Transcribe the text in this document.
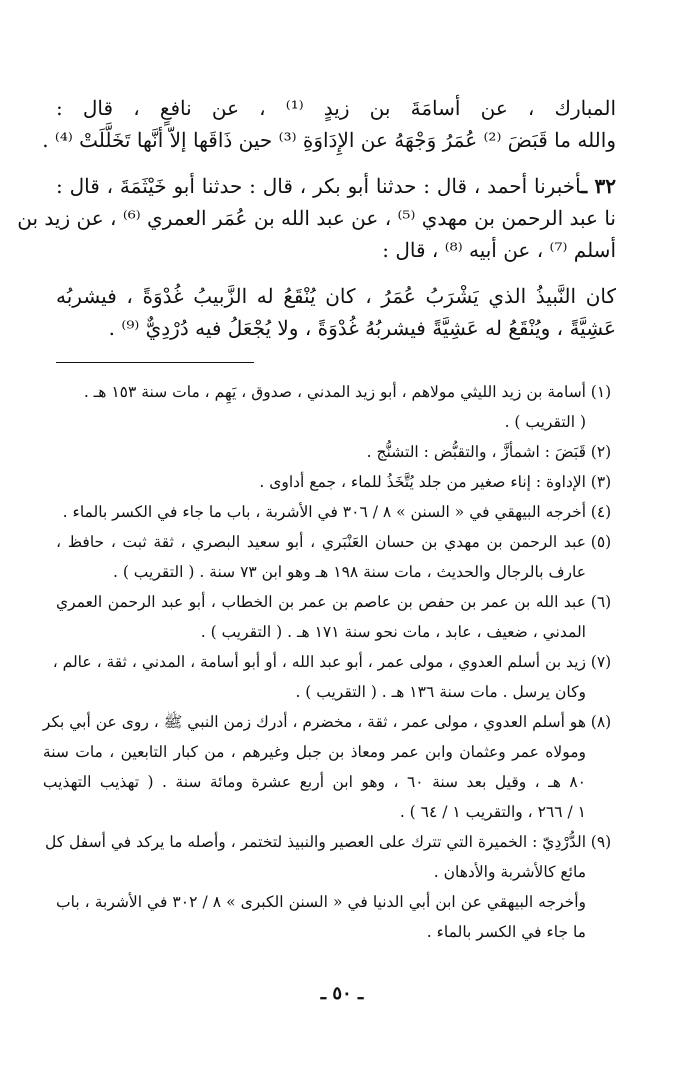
المبارك ، عن أسامَةَ بن زيدٍ ⁽¹⁾ ، عن نافعٍ ، قال :
والله ما قَبَضَ ⁽²⁾ عُمَرُ وَجْهَهُ عن الإِدَاوَةِ ⁽³⁾ حين ذَاقَها إلاّ أنَّها تَخَلَّلَتْ ⁽⁴⁾ .
٣٢ ـأخبرنا أحمد ، قال : حدثنا أبو بكر ، قال : حدثنا أبو خَيْثَمَةَ ، قال :
نا عبد الرحمن بن مهدي ⁽⁵⁾ ، عن عبد الله بن عُمَر العمري ⁽⁶⁾ ، عن زيد بن
أسلم ⁽⁷⁾ ، عن أبيه ⁽⁸⁾ ، قال :
كان النَّبيذُ الذي يَشْرَبُ عُمَرُ ، كان يُنْقَعُ له الزَّبيبُ غُدْوَةً ، فيشربُه
عَشِيَّةً ، ويُنْقَعُ له عَشِيَّةً فيشربُهُ غُدْوَةً ، ولا يُجْعَلُ فيه دُرْدِيٌّ ⁽⁹⁾ .
(١)
أسامة بن زيد الليثي مولاهم ، أبو زيد المدني ، صدوق ، يَهِم ، مات سنة ١٥٣ هـ .
( التقريب ) .
(٢)
قَبَضَ : اشمأزَّ ، والتقبُّض : التشنُّج .
(٣)
الإداوة : إناء صغير من جلد يُتَّخَذُ للماء ، جمع أداوى .
(٤)
أخرجه البيهقي في « السنن » ٨ / ٣٠٦ في الأشربة ، باب ما جاء في الكسر بالماء .
(٥)
عبد الرحمن بن مهدي بن حسان العَنْبَري ، أبو سعيد البصري ، ثقة ثبت ، حافظ ،
عارف بالرجال والحديث ، مات سنة ١٩٨ هـ وهو ابن ٧٣ سنة . ( التقريب ) .
(٦)
عبد الله بن عمر بن حفص بن عاصم بن عمر بن الخطاب ، أبو عبد الرحمن العمري
المدني ، ضعيف ، عابد ، مات نحو سنة ١٧١ هـ . ( التقريب ) .
(٧)
زيد بن أسلم العدوي ، مولى عمر ، أبو عبد الله ، أو أبو أسامة ، المدني ، ثقة ، عالم ،
وكان يرسل . مات سنة ١٣٦ هـ . ( التقريب ) .
(٨)
هو أسلم العدوي ، مولى عمر ، ثقة ، مخضرم ، أدرك زمن النبي ﷺ ، روى عن أبي بكر
ومولاه عمر وعثمان وابن عمر ومعاذ بن جبل وغيرهم ، من كبار التابعين ، مات سنة
٨٠ هـ ، وقيل بعد سنة ٦٠ ، وهو ابن أربع عشرة ومائة سنة . ( تهذيب التهذيب
١ / ٢٦٦ ، والتقريب ١ / ٦٤ ) .
(٩)
الدُّرْدِيّ : الخميرة التي تترك على العصير والنبيذ لتختمر ، وأصله ما يركد في أسفل كل
مائع كالأشربة والأدهان .
وأخرجه البيهقي عن ابن أبي الدنيا في « السنن الكبرى » ٨ / ٣٠٢ في الأشربة ، باب
ما جاء في الكسر بالماء .
ـ ٥٠ ـ
